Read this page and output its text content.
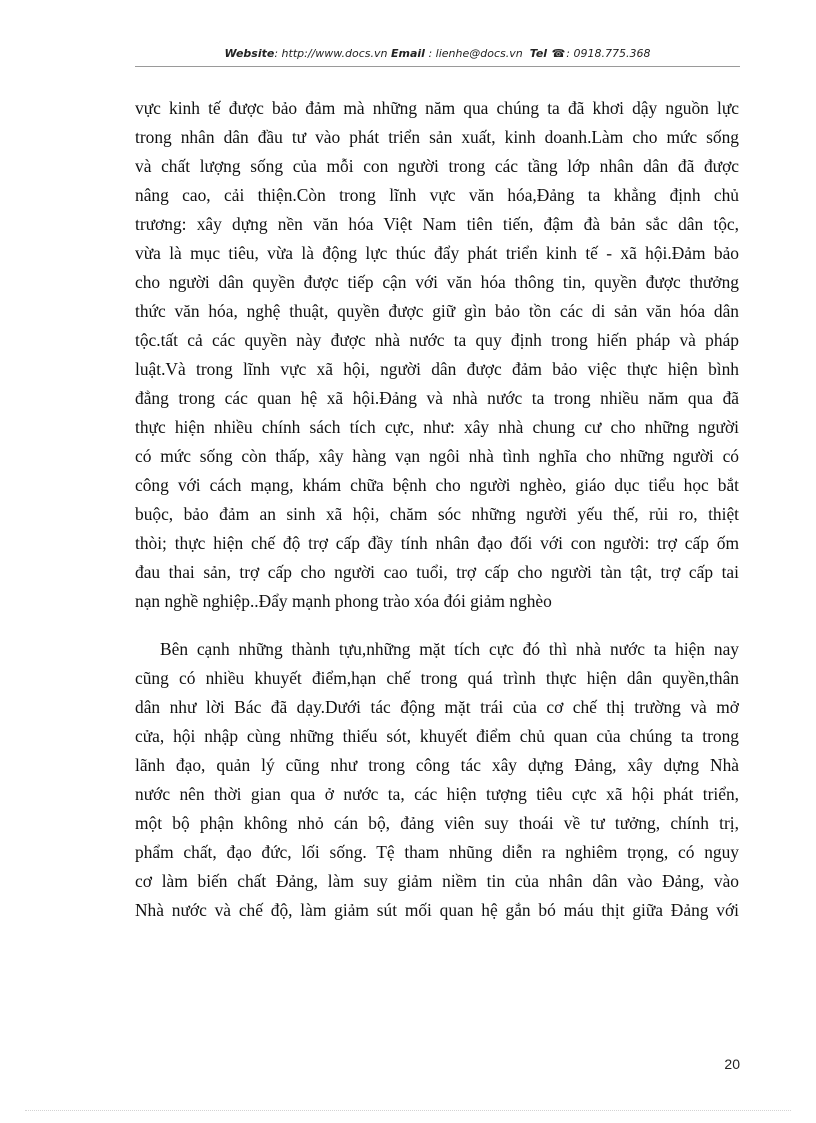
Website: http://www.docs.vn Email : lienhe@docs.vn Tel ☎: 0918.775.368
vực kinh tế được bảo đảm mà những năm qua chúng ta đã khơi dậy nguồn lực
trong nhân dân đầu tư vào phát triển sản xuất, kinh doanh.Làm cho mức sống
và chất lượng sống của mỗi con người trong các tầng lớp nhân dân đã được
nâng cao, cải thiện.Còn trong lĩnh vực văn hóa,Đảng ta khẳng định chủ
trương: xây dựng nền văn hóa Việt Nam tiên tiến, đậm đà bản sắc dân tộc,
vừa là mục tiêu, vừa là động lực thúc đẩy phát triển kinh tế - xã hội.Đảm bảo
cho người dân quyền được tiếp cận với văn hóa thông tin, quyền được thưởng
thức văn hóa, nghệ thuật, quyền được giữ gìn bảo tồn các di sản văn hóa dân
tộc.tất cả các quyền này được nhà nước ta quy định trong hiến pháp và pháp
luật.Và trong lĩnh vực xã hội, người dân được đảm bảo việc thực hiện bình
đẳng trong các quan hệ xã hội.Đảng và nhà nước ta trong nhiều năm qua đã
thực hiện nhiều chính sách tích cực, như: xây nhà chung cư cho những người
có mức sống còn thấp, xây hàng vạn ngôi nhà tình nghĩa cho những người có
công với cách mạng, khám chữa bệnh cho người nghèo, giáo dục tiểu học bắt
buộc, bảo đảm an sinh xã hội, chăm sóc những người yếu thế, rủi ro, thiệt
thòi; thực hiện chế độ trợ cấp đầy tính nhân đạo đối với con người: trợ cấp ốm
đau thai sản, trợ cấp cho người cao tuổi, trợ cấp cho người tàn tật, trợ cấp tai
nạn nghề nghiệp..Đẩy mạnh phong trào xóa đói giảm nghèo
Bên cạnh những thành tựu,những mặt tích cực đó thì nhà nước ta hiện nay
cũng có nhiều khuyết điểm,hạn chế trong quá trình thực hiện dân quyền,thân
dân như lời Bác đã dạy.Dưới tác động mặt trái của cơ chế thị trường và mở
cửa, hội nhập cùng những thiếu sót, khuyết điểm chủ quan của chúng ta trong
lãnh đạo, quản lý cũng như trong công tác xây dựng Đảng, xây dựng Nhà
nước nên thời gian qua ở nước ta, các hiện tượng tiêu cực xã hội phát triển,
một bộ phận không nhỏ cán bộ, đảng viên suy thoái về tư tưởng, chính trị,
phẩm chất, đạo đức, lối sống. Tệ tham nhũng diễn ra nghiêm trọng, có nguy
cơ làm biến chất Đảng, làm suy giảm niềm tin của nhân dân vào Đảng, vào
Nhà nước và chế độ, làm giảm sút mối quan hệ gắn bó máu thịt giữa Đảng với
20
